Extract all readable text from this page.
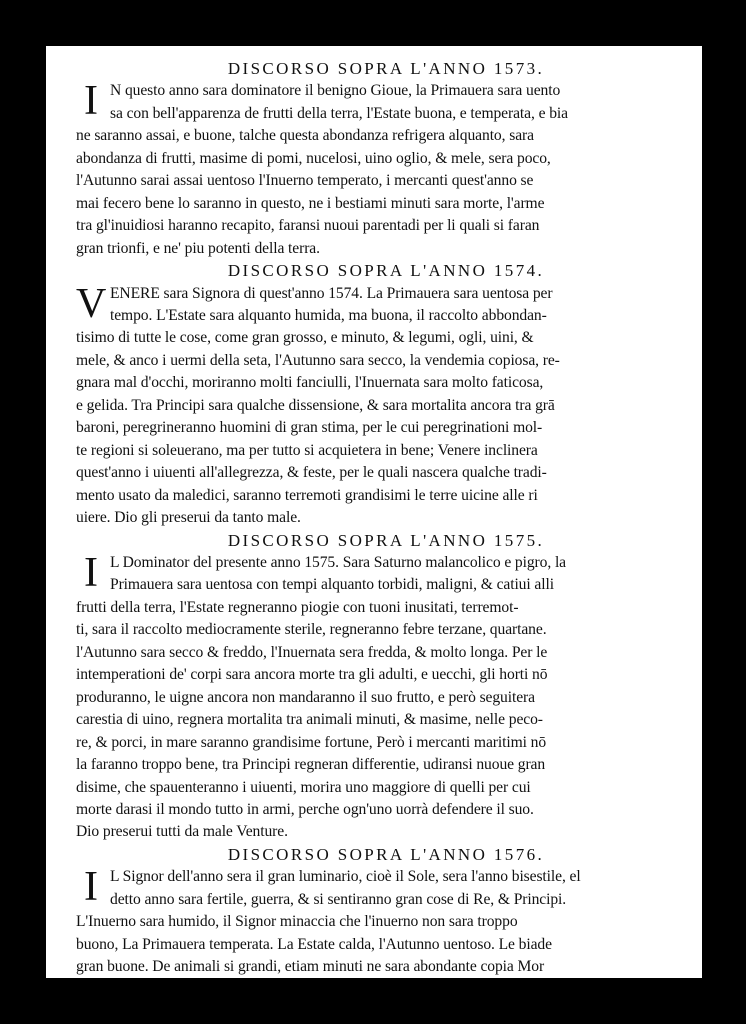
DISCORSO SOPRA L'ANNO 1573.
I N questo anno sara dominatore il benigno Gioue, la Primauera sara uento
sa con bell'apparenza de frutti della terra, l'Estate buona, e temperata, e bia
ne saranno assai, e buone, talche questa abondanza refrigera alquanto, sara
abondanza di frutti, masime di pomi, nucelosi, uino oglio, & mele, sera poco,
l'Autunno sarai assai uentoso l'Inuerno temperato, i mercanti quest'anno se
mai fecero bene lo saranno in questo, ne i bestiami minuti sara morte, l'arme
tra gl'inuidiosi haranno recapito, faransi nuoui parentadi per li quali si faran
gran trionfi, e ne' piu potenti della terra.
DISCORSO SOPRA L'ANNO 1574.
V ENERE sara Signora di quest'anno 1574. La Primauera sara uentosa per
tempo. L'Estate sara alquanto humida, ma buona, il raccolto abbondan-
tisimo di tutte le cose, come gran grosso, e minuto, & legumi, ogli, uini, &
mele, & anco i uermi della seta, l'Autunno sara secco, la vendemia copiosa, re-
gnara mal d'occhi, moriranno molti fanciulli, l'Inuernata sara molto faticosa,
e gelida. Tra Principi sara qualche dissensione, & sara mortalita ancora tra grā
baroni, peregrineranno huomini di gran stima, per le cui peregrinationi mol-
te regioni si soleuerano, ma per tutto si acquietera in bene; Venere inclinera
quest'anno i uiuenti all'allegrezza, & feste, per le quali nascera qualche tradi-
mento usato da maledici, saranno terremoti grandisimi le terre uicine alle ri
uiere. Dio gli preserui da tanto male.
DISCORSO SOPRA L'ANNO 1575.
I L Dominator del presente anno 1575. Sara Saturno malancolico e pigro, la
Primauera sara uentosa con tempi alquanto torbidi, maligni, & catiui alli
frutti della terra, l'Estate regneranno piogie con tuoni inusitati, terremot-
ti, sara il raccolto mediocramente sterile, regneranno febre terzane, quartane.
l'Autunno sara secco & freddo, l'Inuernata sera fredda, & molto longa. Per le
intemperationi de' corpi sara ancora morte tra gli adulti, e uecchi, gli horti nō
produranno, le uigne ancora non mandaranno il suo frutto, e però seguitera
carestia di uino, regnera mortalita tra animali minuti, & masime, nelle peco-
re, & porci, in mare saranno grandisime fortune, Però i mercanti maritimi nō
la faranno troppo bene, tra Principi regneran differentie, udiransi nuoue gran
disime, che spauenteranno i uiuenti, morira uno maggiore di quelli per cui
morte darasi il mondo tutto in armi, perche ogn'uno uorrà defendere il suo.
Dio preserui tutti da male Venture.
DISCORSO SOPRA L'ANNO 1576.
I L Signor dell'anno sera il gran luminario, cioè il Sole, sera l'anno bisestile, el
detto anno sara fertile, guerra, & si sentiranno gran cose di Re, & Principi.
L'Inuerno sara humido, il Signor minaccia che l'inuerno non sara troppo
buono, La Primauera temperata. La Estate calda, l'Autunno uentoso. Le biade
gran buone. De animali si grandi, etiam minuti ne sara abondante copia Mor
